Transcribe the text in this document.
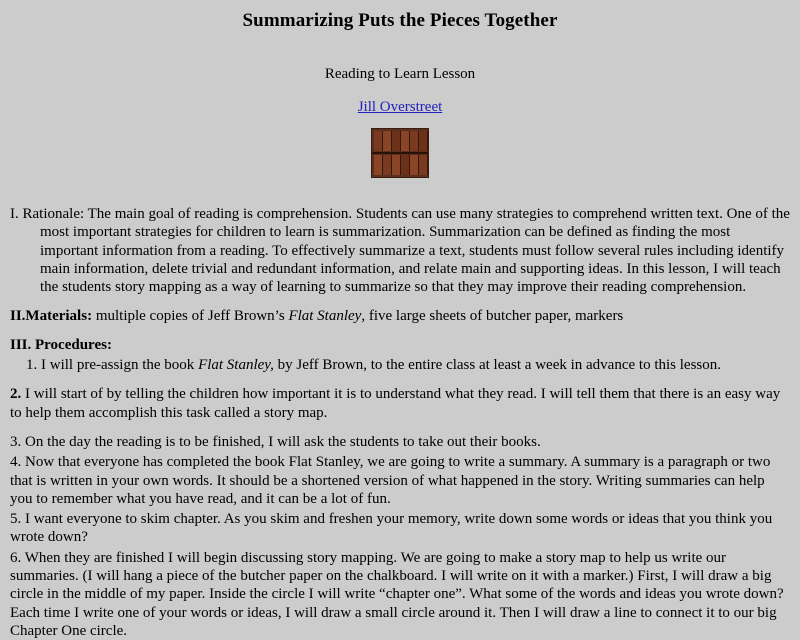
Summarizing Puts the Pieces Together
Reading to Learn Lesson
Jill Overstreet

I. Rationale: The main goal of reading is comprehension. Students can use many strategies to comprehend written text. One of the most important strategies for children to learn is summarization. Summarization can be defined as finding the most important information from a reading. To effectively summarize a text, students must follow several rules including identify main information, delete trivial and redundant information, and relate main and supporting ideas. In this lesson, I will teach the students story mapping as a way of learning to summarize so that they may improve their reading comprehension.

II.Materials: multiple copies of Jeff Brown’s Flat Stanley, five large sheets of butcher paper, markers

III. Procedures:

1. I will pre-assign the book Flat Stanley, by Jeff Brown, to the entire class at least a week in advance to this lesson.

2. I will start of by telling the children how important it is to understand what they read. I will tell them that there is an easy way to help them accomplish this task called a story map.

3. On the day the reading is to be finished, I will ask the students to take out their books.

4. Now that everyone has completed the book Flat Stanley, we are going to write a summary. A summary is a paragraph or two that is written in your own words. It should be a shortened version of what happened in the story. Writing summaries can help you to remember what you have read, and it can be a lot of fun.

5. I want everyone to skim chapter. As you skim and freshen your memory, write down some words or ideas that you think you wrote down?

6. When they are finished I will begin discussing story mapping. We are going to make a story map to help us write our summaries. (I will hang a piece of the butcher paper on the chalkboard. I will write on it with a marker.) First, I will draw a big circle in the middle of my paper. Inside the circle I will write “chapter one”. What some of the words and ideas you wrote down? Each time I write one of your words or ideas, I will draw a small circle around it. Then I will draw a line to connect it to our big Chapter One circle.
